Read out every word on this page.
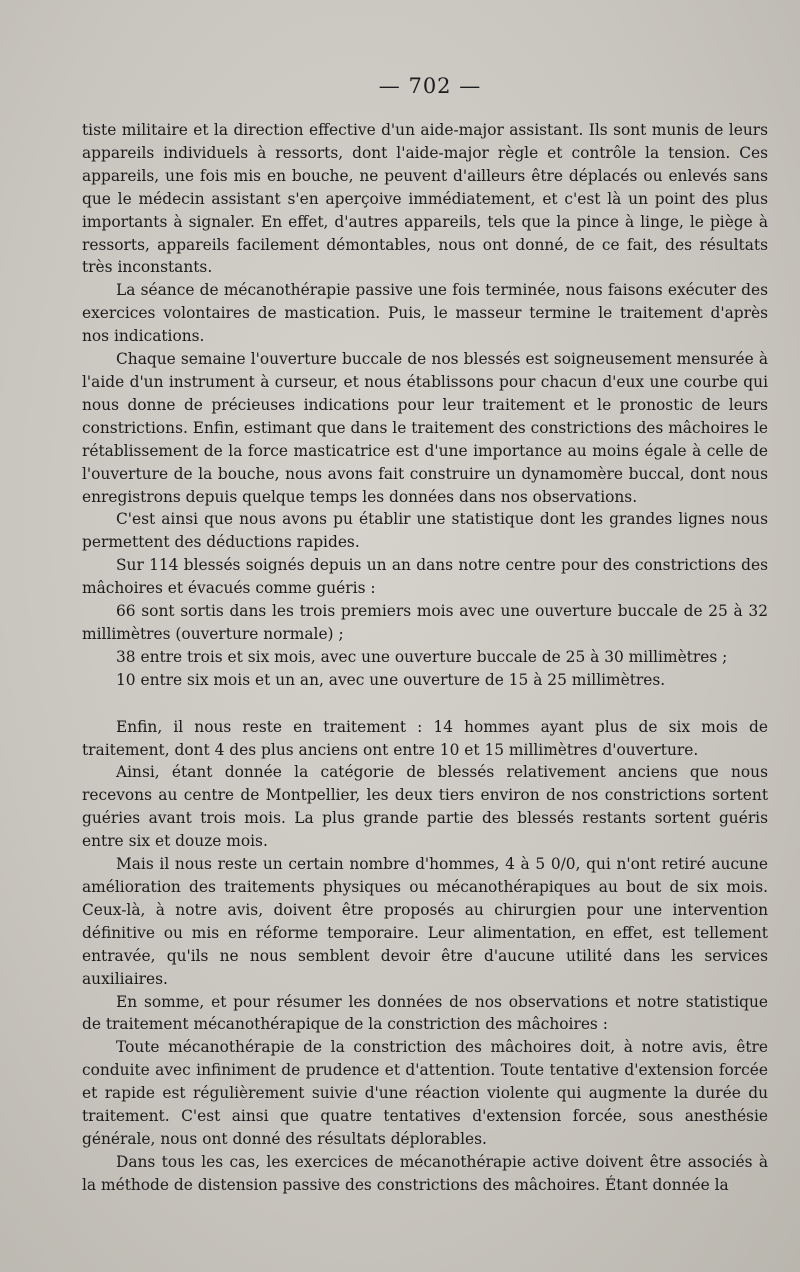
— 702 —

tiste militaire et la direction effective d'un aide-major assistant. Ils sont munis de leurs appareils individuels à ressorts, dont l'aide-major règle et contrôle la tension. Ces appareils, une fois mis en bouche, ne peuvent d'ailleurs être déplacés ou enlevés sans que le médecin assistant s'en aperçoive immédiatement, et c'est là un point des plus importants à signaler. En effet, d'autres appareils, tels que la pince à linge, le piège à ressorts, appareils facilement démontables, nous ont donné, de ce fait, des résultats très inconstants.

La séance de mécanothérapie passive une fois terminée, nous faisons exécuter des exercices volontaires de mastication. Puis, le masseur termine le traitement d'après nos indications.

Chaque semaine l'ouverture buccale de nos blessés est soigneusement mensurée à l'aide d'un instrument à curseur, et nous établissons pour chacun d'eux une courbe qui nous donne de précieuses indications pour leur traitement et le pronostic de leurs constrictions. Enfin, estimant que dans le traitement des constrictions des mâchoires le rétablissement de la force masticatrice est d'une importance au moins égale à celle de l'ouverture de la bouche, nous avons fait construire un dynamomère buccal, dont nous enregistrons depuis quelque temps les données dans nos observations.

C'est ainsi que nous avons pu établir une statistique dont les grandes lignes nous permettent des déductions rapides.

Sur 114 blessés soignés depuis un an dans notre centre pour des constrictions des mâchoires et évacués comme guéris :

66 sont sortis dans les trois premiers mois avec une ouverture buccale de 25 à 32 millimètres (ouverture normale) ;

38 entre trois et six mois, avec une ouverture buccale de 25 à 30 millimètres ;

10 entre six mois et un an, avec une ouverture de 15 à 25 millimètres.

Enfin, il nous reste en traitement : 14 hommes ayant plus de six mois de traitement, dont 4 des plus anciens ont entre 10 et 15 millimètres d'ouverture.

Ainsi, étant donnée la catégorie de blessés relativement anciens que nous recevons au centre de Montpellier, les deux tiers environ de nos constrictions sortent guéries avant trois mois. La plus grande partie des blessés restants sortent guéris entre six et douze mois.

Mais il nous reste un certain nombre d'hommes, 4 à 5 0/0, qui n'ont retiré aucune amélioration des traitements physiques ou mécanothérapiques au bout de six mois. Ceux-là, à notre avis, doivent être proposés au chirurgien pour une intervention définitive ou mis en réforme temporaire. Leur alimentation, en effet, est tellement entravée, qu'ils ne nous semblent devoir être d'aucune utilité dans les services auxiliaires.

En somme, et pour résumer les données de nos observations et notre statistique de traitement mécanothérapique de la constriction des mâchoires :

Toute mécanothérapie de la constriction des mâchoires doit, à notre avis, être conduite avec infiniment de prudence et d'attention. Toute tentative d'extension forcée et rapide est régulièrement suivie d'une réaction violente qui augmente la durée du traitement. C'est ainsi que quatre tentatives d'extension forcée, sous anesthésie générale, nous ont donné des résultats déplorables.

Dans tous les cas, les exercices de mécanothérapie active doivent être associés à la méthode de distension passive des constrictions des mâchoires. Étant donnée la
